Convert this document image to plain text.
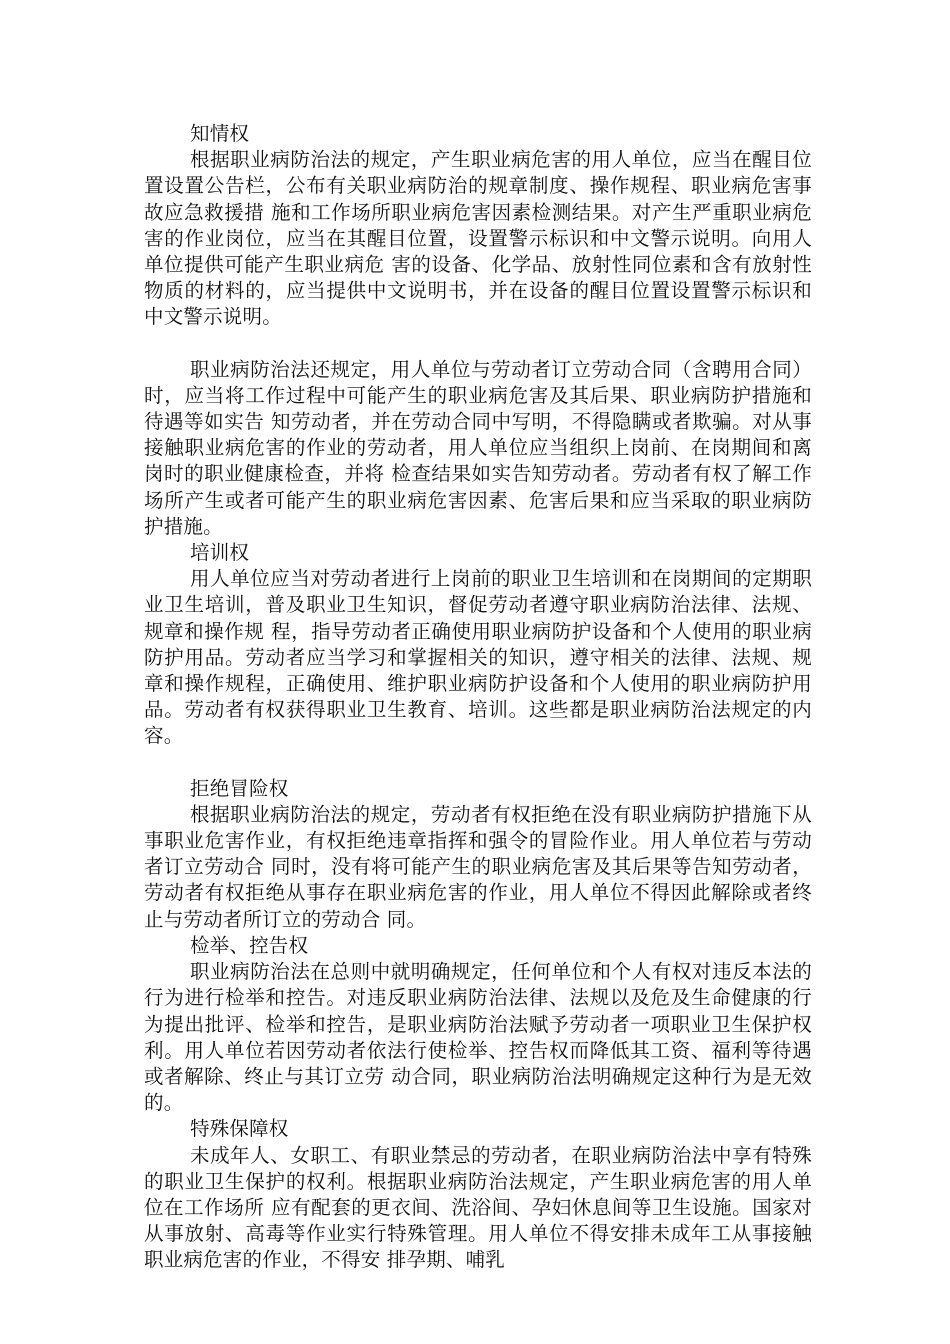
知情权

根据职业病防治法的规定，产生职业病危害的用人单位，应当在醒目位置设置公告栏，公布有关职业病防治的规章制度、操作规程、职业病危害事故应急救援措 施和工作场所职业病危害因素检测结果。对产生严重职业病危害的作业岗位，应当在其醒目位置，设置警示标识和中文警示说明。向用人单位提供可能产生职业病危 害的设备、化学品、放射性同位素和含有放射性物质的材料的，应当提供中文说明书，并在设备的醒目位置设置警示标识和中文警示说明。

职业病防治法还规定，用人单位与劳动者订立劳动合同（含聘用合同）时，应当将工作过程中可能产生的职业病危害及其后果、职业病防护措施和待遇等如实告 知劳动者，并在劳动合同中写明，不得隐瞒或者欺骗。对从事接触职业病危害的作业的劳动者，用人单位应当组织上岗前、在岗期间和离岗时的职业健康检查，并将 检查结果如实告知劳动者。劳动者有权了解工作场所产生或者可能产生的职业病危害因素、危害后果和应当采取的职业病防护措施。

培训权

用人单位应当对劳动者进行上岗前的职业卫生培训和在岗期间的定期职业卫生培训，普及职业卫生知识，督促劳动者遵守职业病防治法律、法规、规章和操作规 程，指导劳动者正确使用职业病防护设备和个人使用的职业病防护用品。劳动者应当学习和掌握相关的知识，遵守相关的法律、法规、规章和操作规程，正确使用、维护职业病防护设备和个人使用的职业病防护用品。劳动者有权获得职业卫生教育、培训。这些都是职业病防治法规定的内容。

拒绝冒险权

根据职业病防治法的规定，劳动者有权拒绝在没有职业病防护措施下从事职业危害作业，有权拒绝违章指挥和强令的冒险作业。用人单位若与劳动者订立劳动合 同时，没有将可能产生的职业病危害及其后果等告知劳动者，劳动者有权拒绝从事存在职业病危害的作业，用人单位不得因此解除或者终止与劳动者所订立的劳动合 同。

检举、控告权

职业病防治法在总则中就明确规定，任何单位和个人有权对违反本法的行为进行检举和控告。对违反职业病防治法律、法规以及危及生命健康的行为提出批评、检举和控告，是职业病防治法赋予劳动者一项职业卫生保护权利。用人单位若因劳动者依法行使检举、控告权而降低其工资、福利等待遇或者解除、终止与其订立劳 动合同，职业病防治法明确规定这种行为是无效的。

特殊保障权

未成年人、女职工、有职业禁忌的劳动者，在职业病防治法中享有特殊的职业卫生保护的权利。根据职业病防治法规定，产生职业病危害的用人单位在工作场所 应有配套的更衣间、洗浴间、孕妇休息间等卫生设施。国家对从事放射、高毒等作业实行特殊管理。用人单位不得安排未成年工从事接触职业病危害的作业，不得安 排孕期、哺乳
